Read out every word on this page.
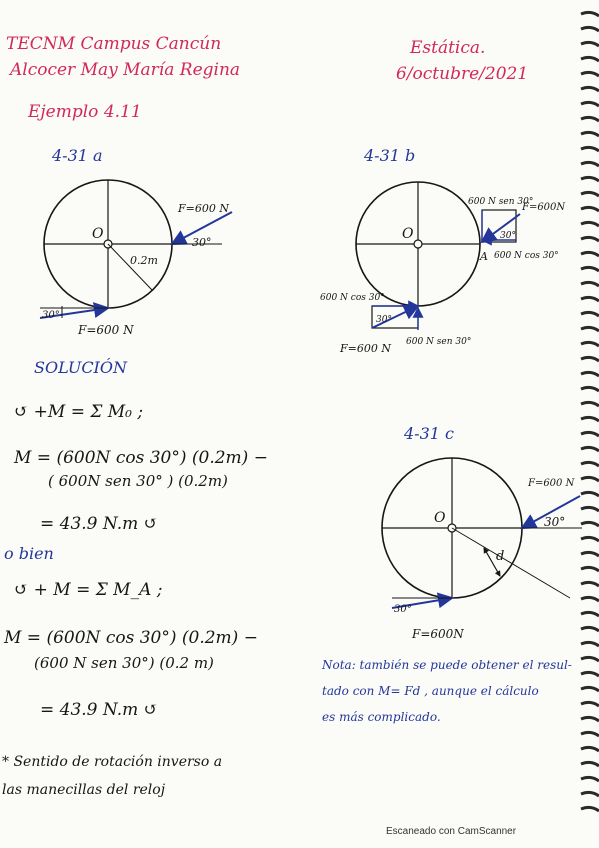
TECNM Campus Cancún
Alcocer May María Regina
Ejemplo 4.11
Estática.
6/octubre/2021
4-31 a	4-31 b
4-31 c
O
F=600 N
30°
0.2m
30°
F=600 N
O
600 N sen 30°
F=600N
30°
A 600 N cos 30°
600 N cos 30°
30°
F=600 N 600 N sen 30°
O
F=600 N
30°
d
30°
F=600N
SOLUCIÓN
↺ +M = Σ M₀ ;
M = (600N cos 30°) (0.2m) −
( 600N sen 30° ) (0.2m)
= 43.9 N.m ↺
o bien
↺ + M = Σ M_A ;
M = (600N cos 30°) (0.2m) −
(600 N sen 30°) (0.2 m)
= 43.9 N.m ↺
* Sentido de rotación inverso a
las manecillas del reloj
Nota: también se puede obtener el resul-
tado con M= Fd , aunque el cálculo
es más complicado.
Escaneado con CamScanner
